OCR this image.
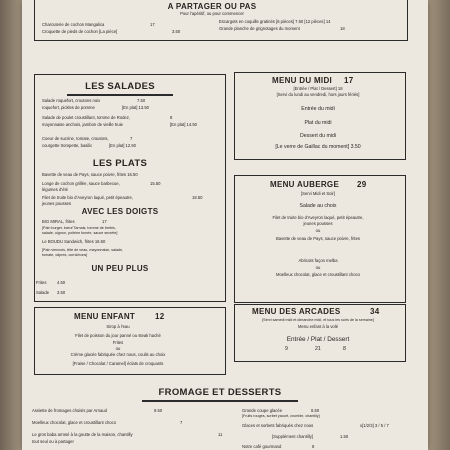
A PARTAGER OU PAS
Pour l'apéritif, ou pour commencer
Charcuterie de cochon Mangalica	17
Croquette de pieds de cochon [La pièce]	3.50
Escargots en coquille gratinés [6 pièces] 7.50 [12 pièces] 14
Grande planche de grignotages du moment	18
LES SALADES
Salade roquefort, croutons noix	7.50
roquefort, pickles de pomme	[En plat] 13.50
Salade de poulet croustillant, tomme de Rodez,	8
mayonnaise anchois, jambon de vieille truie	[En plat] 14.50
Coeur de sucrine, tomate, croutons,	7
courgette trompette, basilic	[En plat] 12.50
LES PLATS
Bavette de veau de Pays, sauce poivre, frites 16.50
Longe de cochon grillée, sauce barbecue,	15.50
légumes d'été
Filet de truite bio d'Aveyron laqué, petit épeautre,	18.50
jeunes pousses
AVEC LES DOIGTS
BIG MIRAL, frites	17
[Pain burger, bœuf Tarnais, tomme de brebis,
salade, oignon, poitrine fumée, sauce secrète]
Le BOUDU Sandwich, frites 16.50
[Pain viennois, tête de veau, mayonnaise, salade,
tomate, câpres, cornichons]
UN PEU PLUS
Frites	4.50
Salade 3.50
MENU DU MIDI 17
[Entrée / Plat / Dessert] 18
[Servi du lundi au vendredi, hors jours fériés]
Entrée du midi
Plat du midi
Dessert du midi
[Le verre de Gaillac du moment] 3.50
MENU AUBERGE 29
[Servi Midi et Soir]
Salade au choix
Filet de truite bio d'Aveyron laqué, petit épeautre,
jeunes pousses
ou
Bavette de veau de Pays, sauce poivre, frites
Abricots façon melba
ou
Moelleux chocolat, glace et croustillant choco
MENU ENFANT 12
Sirop à l'eau
Filet de poisson du jour panné ou steak haché
Frites
ou
Crème glacée fabriquée chez nous, coulis au choix
[Fraise / Chocolat / Caramel] éclats de croquants
MENU DES ARCADES	34
[Servi samedi midi et dimanche midi, et tous les soirs de la semaine]
Menu enfant à la volé
Entrée / Plat / Dessert
9	21	8
FROMAGE ET DESSERTS
Assiette de fromages choisis par Arnaud	9.50
Moelleux chocolat, glace et croustillant choco	7
Le gros baba arrosé à la goutte de la maison, chantilly	11
tout seul ou à partager
Grande coupe glacée	8.50
[Fruits rouges, sorbet yaourt, crumble, chantilly]
Glaces et sorbets fabriqués chez nous	x[1/2/3] 3 / 5 / 7
[Supplément chantilly]	1.50
Notre café gourmand	8
